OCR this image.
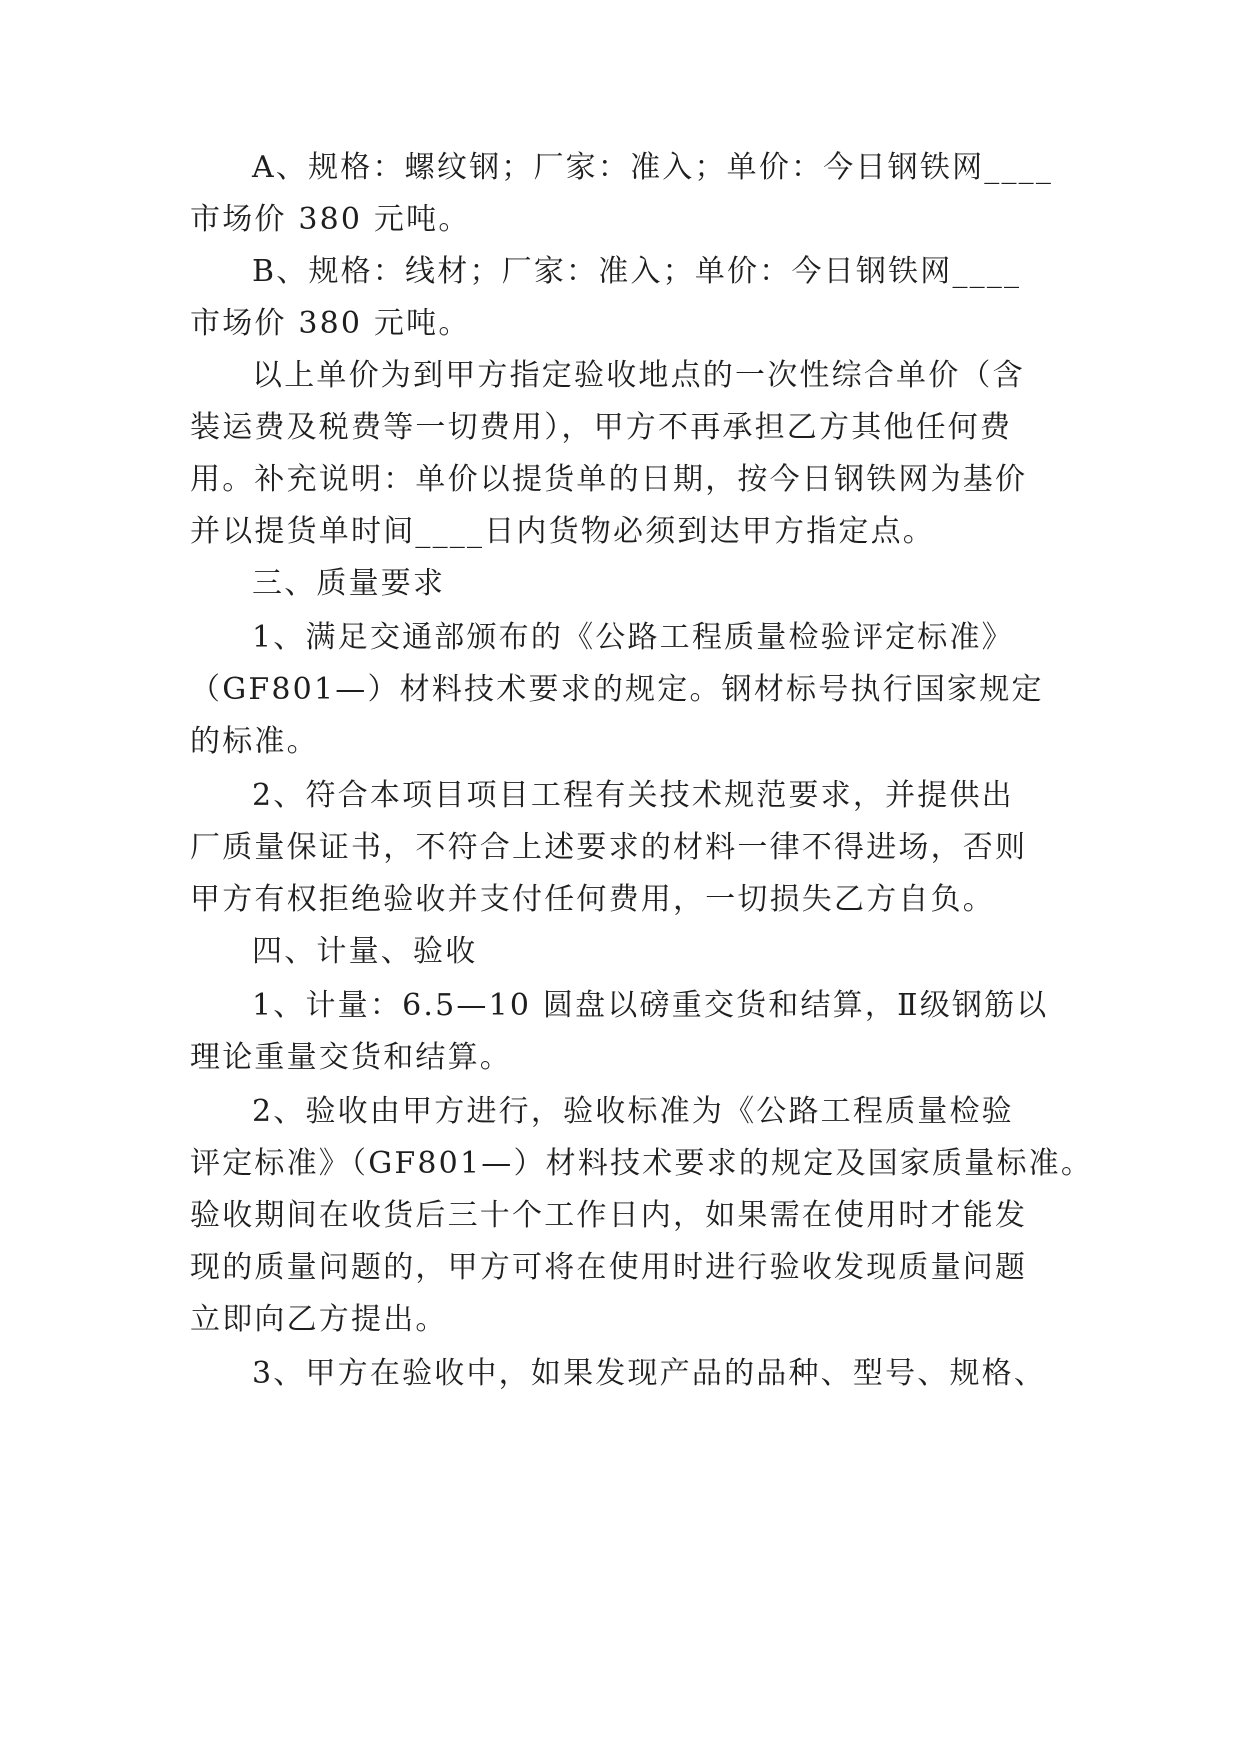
A、规格：螺纹钢；厂家：准入；单价：今日钢铁网____
市场价 380 元吨。
B、规格：线材；厂家：准入；单价：今日钢铁网____
市场价 380 元吨。
以上单价为到甲方指定验收地点的一次性综合单价（含
装运费及税费等一切费用），甲方不再承担乙方其他任何费
用。补充说明：单价以提货单的日期，按今日钢铁网为基价
并以提货单时间____日内货物必须到达甲方指定点。
三、质量要求
1、满足交通部颁布的《公路工程质量检验评定标准》
（GF801—）材料技术要求的规定。钢材标号执行国家规定
的标准。
2、符合本项目项目工程有关技术规范要求，并提供出
厂质量保证书，不符合上述要求的材料一律不得进场，否则
甲方有权拒绝验收并支付任何费用，一切损失乙方自负。
四、计量、验收
1、计量：6.5—10 圆盘以磅重交货和结算，Ⅱ级钢筋以
理论重量交货和结算。
2、验收由甲方进行，验收标准为《公路工程质量检验
评定标准》（GF801—）材料技术要求的规定及国家质量标准。
验收期间在收货后三十个工作日内，如果需在使用时才能发
现的质量问题的，甲方可将在使用时进行验收发现质量问题
立即向乙方提出。
3、甲方在验收中，如果发现产品的品种、型号、规格、
